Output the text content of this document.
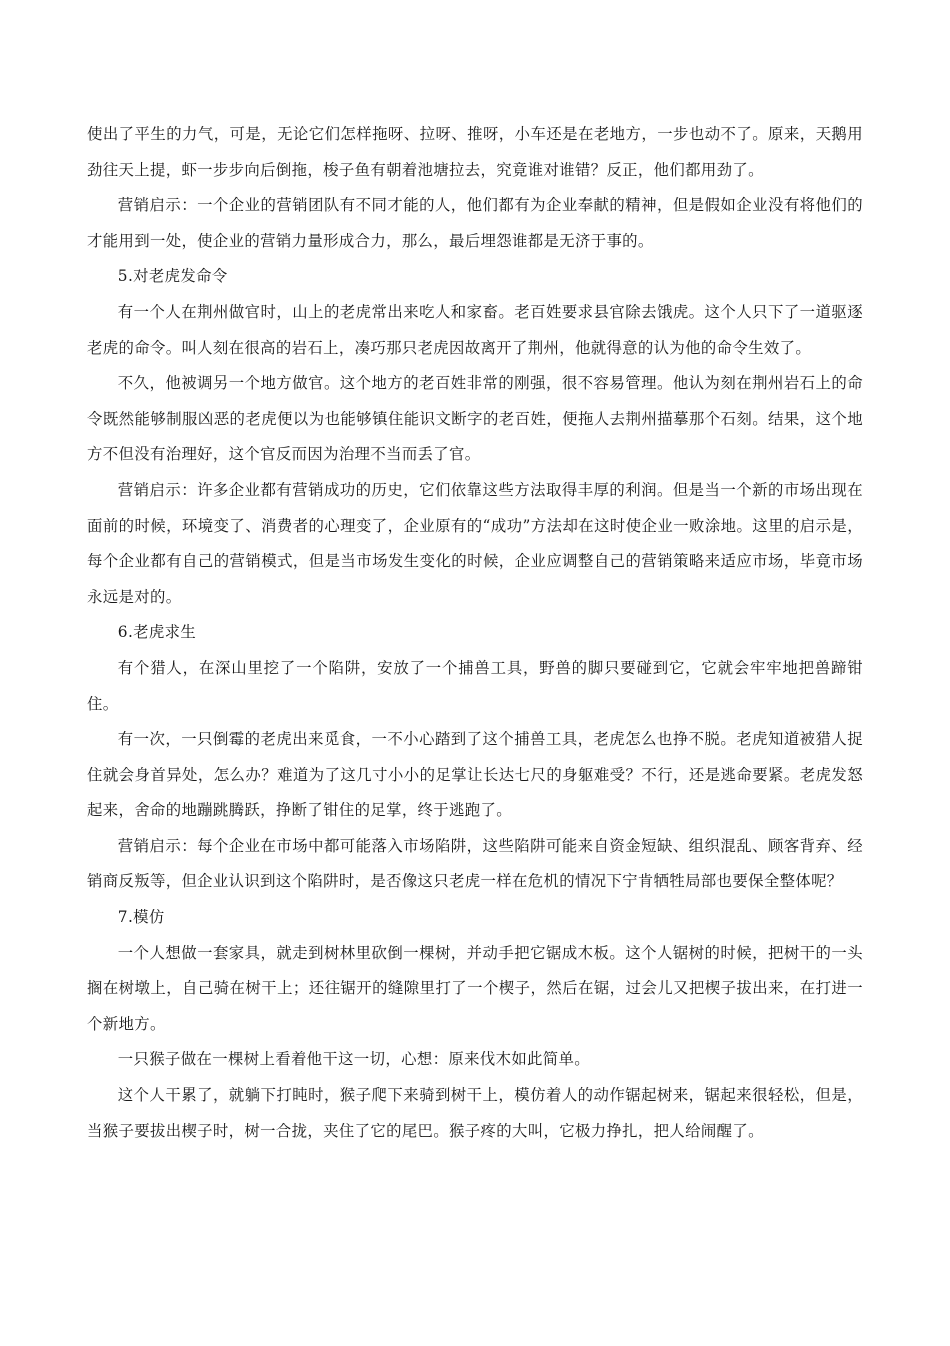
使出了平生的力气，可是，无论它们怎样拖呀、拉呀、推呀，小车还是在老地方，一步也动不了。原来，天鹅用劲往天上提，虾一步步向后倒拖，梭子鱼有朝着池塘拉去，究竟谁对谁错？反正，他们都用劲了。

营销启示：一个企业的营销团队有不同才能的人，他们都有为企业奉献的精神，但是假如企业没有将他们的才能用到一处，使企业的营销力量形成合力，那么，最后埋怨谁都是无济于事的。

5.对老虎发命令

有一个人在荆州做官时，山上的老虎常出来吃人和家畜。老百姓要求县官除去饿虎。这个人只下了一道驱逐老虎的命令。叫人刻在很高的岩石上，凑巧那只老虎因故离开了荆州，他就得意的认为他的命令生效了。

不久，他被调另一个地方做官。这个地方的老百姓非常的刚强，很不容易管理。他认为刻在荆州岩石上的命令既然能够制服凶恶的老虎便以为也能够镇住能识文断字的老百姓，便拖人去荆州描摹那个石刻。结果，这个地方不但没有治理好，这个官反而因为治理不当而丢了官。

营销启示：许多企业都有营销成功的历史，它们依靠这些方法取得丰厚的利润。但是当一个新的市场出现在面前的时候，环境变了、消费者的心理变了，企业原有的“成功”方法却在这时使企业一败涂地。这里的启示是，每个企业都有自己的营销模式，但是当市场发生变化的时候，企业应调整自己的营销策略来适应市场，毕竟市场永远是对的。

6.老虎求生

有个猎人，在深山里挖了一个陷阱，安放了一个捕兽工具，野兽的脚只要碰到它，它就会牢牢地把兽蹄钳住。

有一次，一只倒霉的老虎出来觅食，一不小心踏到了这个捕兽工具，老虎怎么也挣不脱。老虎知道被猎人捉住就会身首异处，怎么办？难道为了这几寸小小的足掌让长达七尺的身躯难受？不行，还是逃命要紧。老虎发怒起来，舍命的地蹦跳腾跃，挣断了钳住的足掌，终于逃跑了。

营销启示：每个企业在市场中都可能落入市场陷阱，这些陷阱可能来自资金短缺、组织混乱、顾客背弃、经销商反叛等，但企业认识到这个陷阱时，是否像这只老虎一样在危机的情况下宁肯牺牲局部也要保全整体呢？

7.模仿

一个人想做一套家具，就走到树林里砍倒一棵树，并动手把它锯成木板。这个人锯树的时候，把树干的一头搁在树墩上，自己骑在树干上；还往锯开的缝隙里打了一个楔子，然后在锯，过会儿又把楔子拔出来，在打进一个新地方。

一只猴子做在一棵树上看着他干这一切，心想：原来伐木如此简单。

这个人干累了，就躺下打盹时，猴子爬下来骑到树干上，模仿着人的动作锯起树来，锯起来很轻松，但是，当猴子要拔出楔子时，树一合拢，夹住了它的尾巴。猴子疼的大叫，它极力挣扎，把人给闹醒了。
